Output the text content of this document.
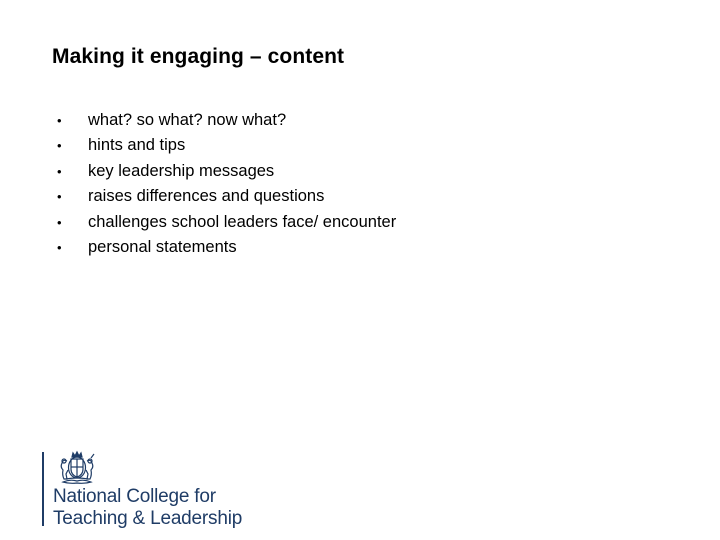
Making it engaging – content
• what? so what? now what?
• hints and tips
• key leadership messages
• raises differences and questions
• challenges school leaders face/ encounter
• personal statements
National College for
Teaching & Leadership
